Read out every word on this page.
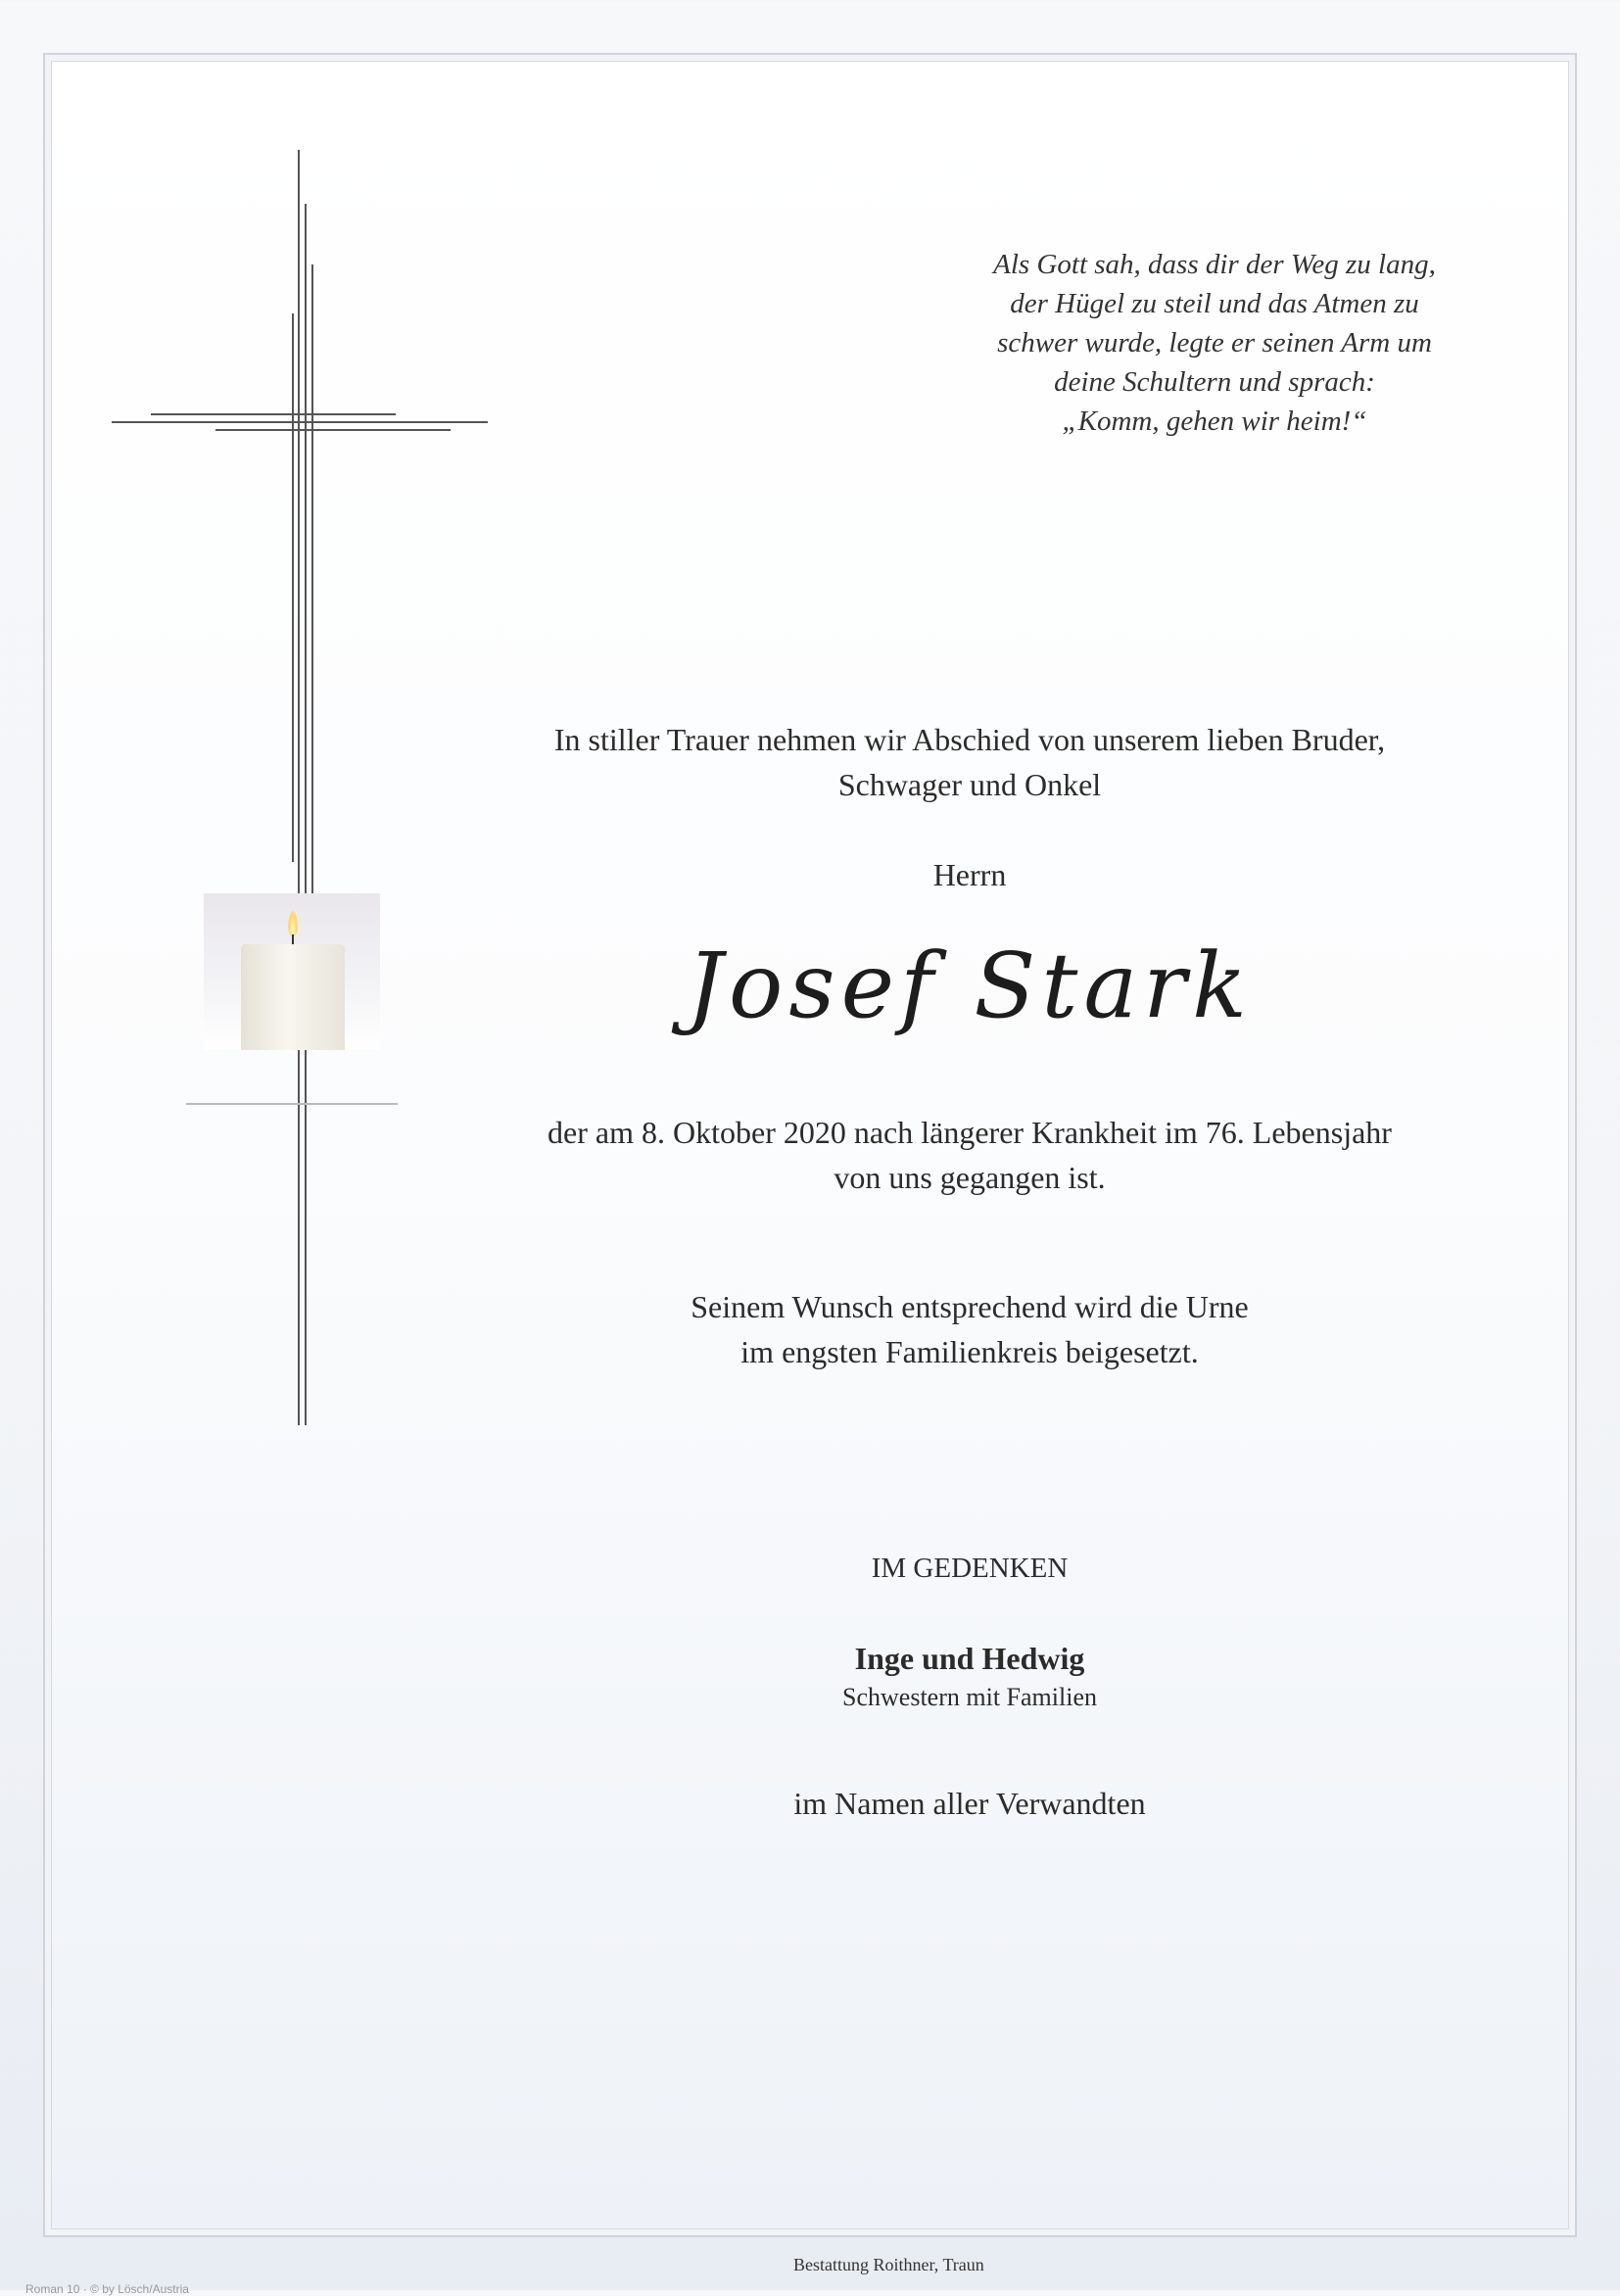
Als Gott sah, dass dir der Weg zu lang,
der Hügel zu steil und das Atmen zu
schwer wurde, legte er seinen Arm um
deine Schultern und sprach:
„Komm, gehen wir heim!“
In stiller Trauer nehmen wir Abschied von unserem lieben Bruder,
Schwager und Onkel
Herrn
Josef Stark
der am 8. Oktober 2020 nach längerer Krankheit im 76. Lebensjahr
von uns gegangen ist.
Seinem Wunsch entsprechend wird die Urne
im engsten Familienkreis beigesetzt.
IM GEDENKEN
Inge und Hedwig
Schwestern mit Familien
im Namen aller Verwandten
Bestattung Roithner, Traun
Roman 10 · © by Lösch/Austria
